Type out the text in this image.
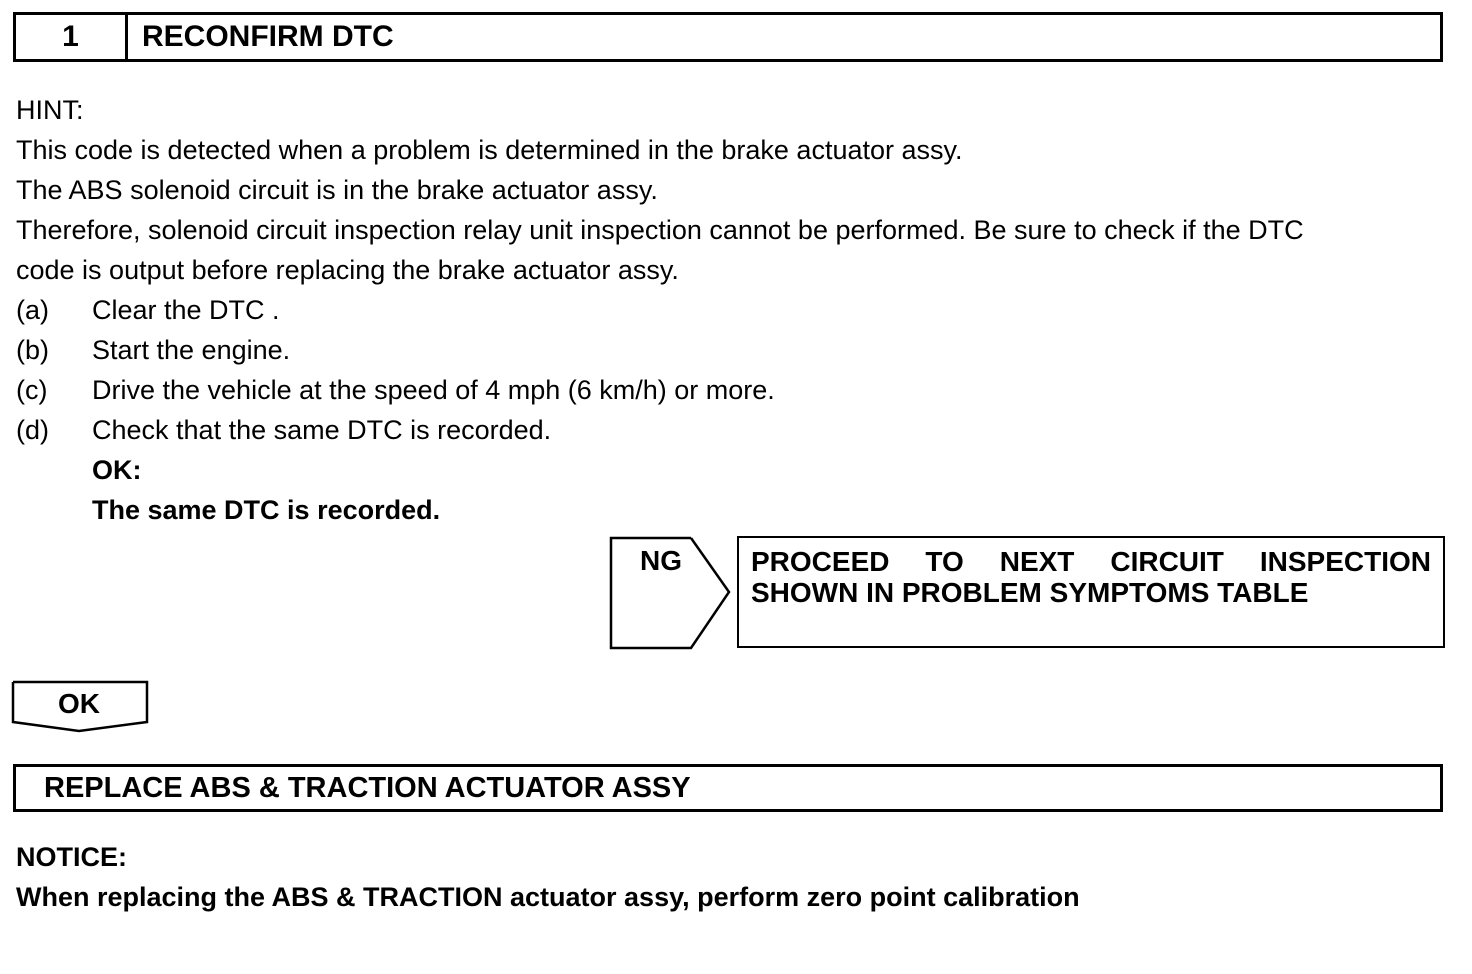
1	RECONFIRM DTC
HINT:
This code is detected when a problem is determined in the brake actuator assy.
The ABS solenoid circuit is in the brake actuator assy.
Therefore, solenoid circuit inspection relay unit inspection cannot be performed. Be sure to check if the DTC
code is output before replacing the brake actuator assy.
(a)	Clear the DTC .
(b)	Start the engine.
(c)	Drive the vehicle at the speed of 4 mph (6 km/h) or more.
(d)	Check that the same DTC is recorded.
OK:
The same DTC is recorded.
NG PROCEED TO NEXT CIRCUIT INSPECTION
SHOWN IN PROBLEM SYMPTOMS TABLE
OK
REPLACE ABS & TRACTION ACTUATOR ASSY
NOTICE:
When replacing the ABS & TRACTION actuator assy, perform zero point calibration
